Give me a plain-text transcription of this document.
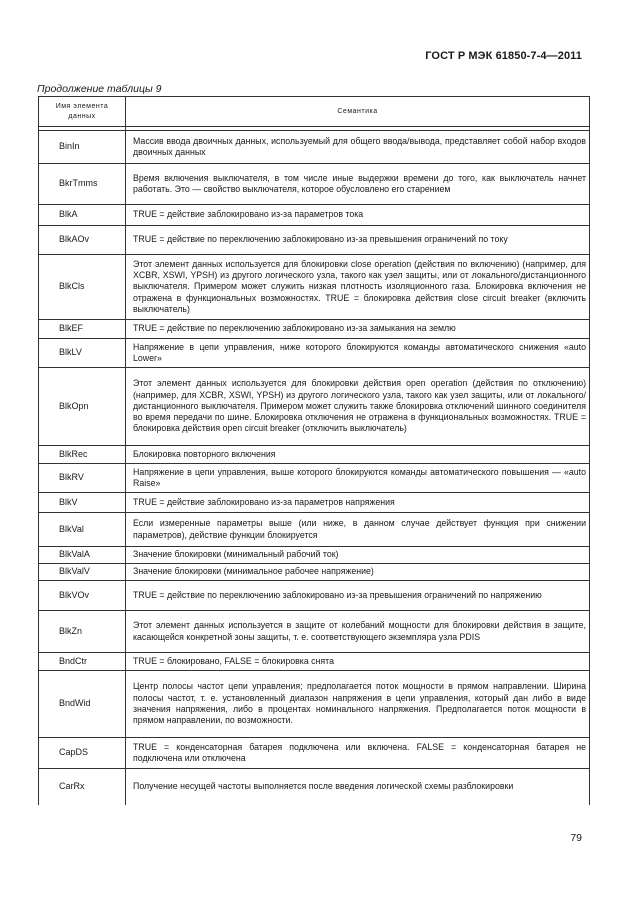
ГОСТ Р МЭК 61850-7-4—2011
Продолжение таблицы 9
Имя элемента данных	Семантика

BinIn	Массив ввода двоичных данных, используемый для общего ввода/вывода, представляет собой набор входов двоичных данных
BkrTmms	Время включения выключателя, в том числе иные выдержки времени до того, как выключатель начнет работать. Это — свойство выключателя, которое обусловлено его старением
BlkA	TRUE = действие заблокировано из-за параметров тока
BlkAOv	TRUE = действие по переключению заблокировано из-за превышения ограничений по току
BlkCls	Этот элемент данных используется для блокировки close operation (действия по включению) (например, для XCBR, XSWI, YPSH) из другого логического узла, такого как узел защиты, или от локального/дистанционного выключателя. Примером может служить низкая плотность изоляционного газа. Блокировка включения не отражена в функциональных возможностях. TRUE = блокировка действия close circuit breaker (включить выключатель)
BlkEF	TRUE = действие по переключению заблокировано из-за замыкания на землю
BlkLV	Напряжение в цепи управления, ниже которого блокируются команды автоматического снижения «auto Lower»
BlkOpn	Этот элемент данных используется для блокировки действия open operation (действия по отключению) (например, для XCBR, XSWI, YPSH) из другого логического узла, такого как узел защиты, или от локального/дистанционного выключателя. Примером может служить также блокировка отключений шинного соединителя во время передачи по шине. Блокировка отключения не отражена в функциональных возможностях. TRUE = блокировка действия open circuit breaker (отключить выключатель)
BlkRec	Блокировка повторного включения
BlkRV	Напряжение в цепи управления, выше которого блокируются команды автоматического повышения — «auto Raise»
BlkV	TRUE = действие заблокировано из-за параметров напряжения
BlkVal	Если измеренные параметры выше (или ниже, в данном случае действует функция при снижении параметров), действие функции блокируется
BlkValA	Значение блокировки (минимальный рабочий ток)
BlkValV	Значение блокировки (минимальное рабочее напряжение)
BlkVOv	TRUE = действие по переключению заблокировано из-за превышения ограничений по напряжению
BlkZn	Этот элемент данных используется в защите от колебаний мощности для блокировки действия в защите, касающейся конкретной зоны защиты, т. е. соответствующего экземпляра узла PDIS
BndCtr	TRUE = блокировано, FALSE = блокировка снята
BndWid	Центр полосы частот цепи управления; предполагается поток мощности в прямом направлении. Ширина полосы частот, т. е. установленный диапазон напряжения в цепи управления, который дан либо в виде значения напряжения, либо в процентах номинального напряжения. Предполагается поток мощности в прямом направлении, по возможности.
CapDS	TRUE = конденсаторная батарея подключена или включена. FALSE = конденсаторная батарея не подключена или отключена
CarRx	Получение несущей частоты выполняется после введения логической схемы разблокировки
79
